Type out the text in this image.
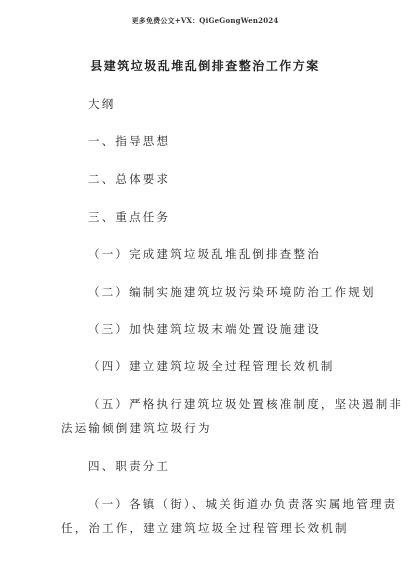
更多免费公文+VX：QiGeGongWen2024
县建筑垃圾乱堆乱倒排查整治工作方案
大纲
一、指导思想
二、总体要求
三、重点任务
（一）完成建筑垃圾乱堆乱倒排查整治
（二）编制实施建筑垃圾污染环境防治工作规划
（三）加快建筑垃圾末端处置设施建设
（四）建立建筑垃圾全过程管理长效机制
（五）严格执行建筑垃圾处置核准制度，坚决遏制非
法运输倾倒建筑垃圾行为
四、职责分工
（一）各镇（街）、城关街道办负责落实属地管理责
任，治工作，建立建筑垃圾全过程管理长效机制
